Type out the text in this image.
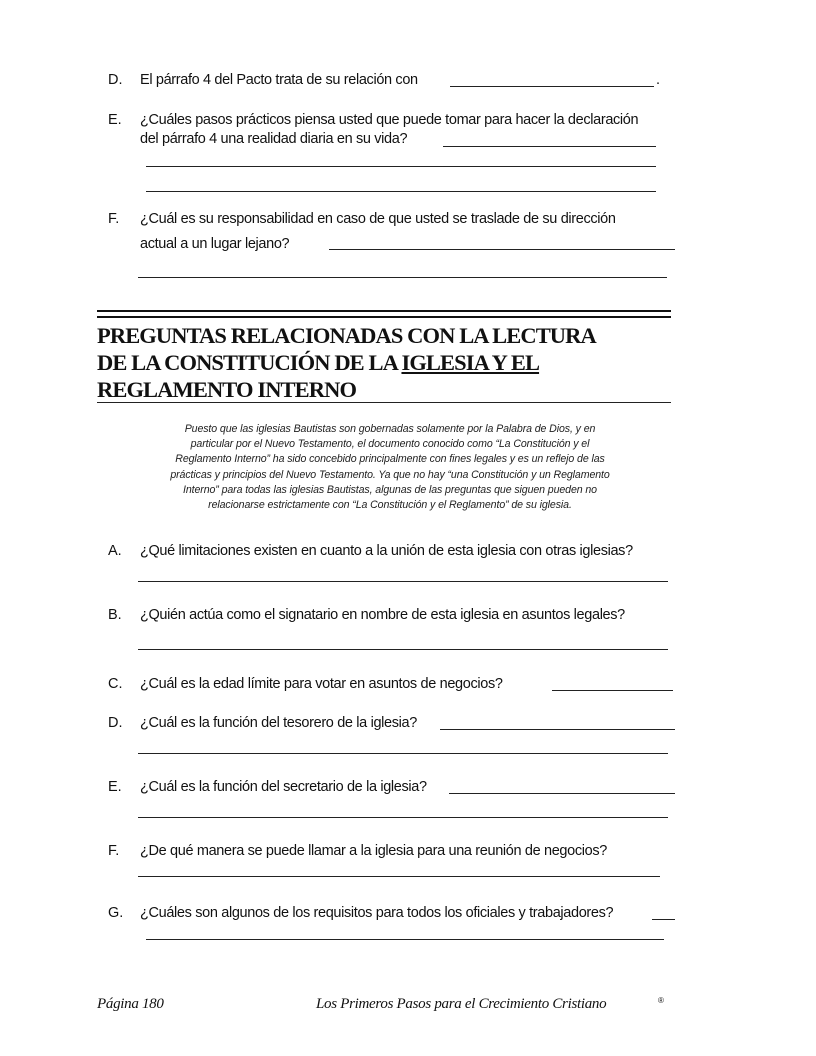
D. El párrafo 4 del Pacto trata de su relación con	.
E. ¿Cuáles pasos prácticos piensa usted que puede tomar para hacer la declaración
del párrafo 4 una realidad diaria en su vida?
F. ¿Cuál es su responsabilidad en caso de que usted se traslade de su dirección
actual a un lugar lejano?
PREGUNTAS RELACIONADAS CON LA LECTURA
DE LA CONSTITUCIÓN DE LA IGLESIA Y EL
REGLAMENTO INTERNO
Puesto que las iglesias Bautistas son gobernadas solamente por la Palabra de Dios, y en
particular por el Nuevo Testamento, el documento conocido como “La Constitución y el
Reglamento Interno” ha sido concebido principalmente con fines legales y es un reflejo de las
prácticas y principios del Nuevo Testamento. Ya que no hay “una Constitución y un Reglamento
Interno” para todas las iglesias Bautistas, algunas de las preguntas que siguen pueden no
relacionarse estrictamente con “La Constitución y el Reglamento” de su iglesia.
A. ¿Qué limitaciones existen en cuanto a la unión de esta iglesia con otras iglesias?
B. ¿Quién actúa como el signatario en nombre de esta iglesia en asuntos legales?
C. ¿Cuál es la edad límite para votar en asuntos de negocios?
D. ¿Cuál es la función del tesorero de la iglesia?
E. ¿Cuál es la función del secretario de la iglesia?
F. ¿De qué manera se puede llamar a la iglesia para una reunión de negocios?
G. ¿Cuáles son algunos de los requisitos para todos los oficiales y trabajadores?
Página 180	Los Primeros Pasos para el Crecimiento Cristiano	®
